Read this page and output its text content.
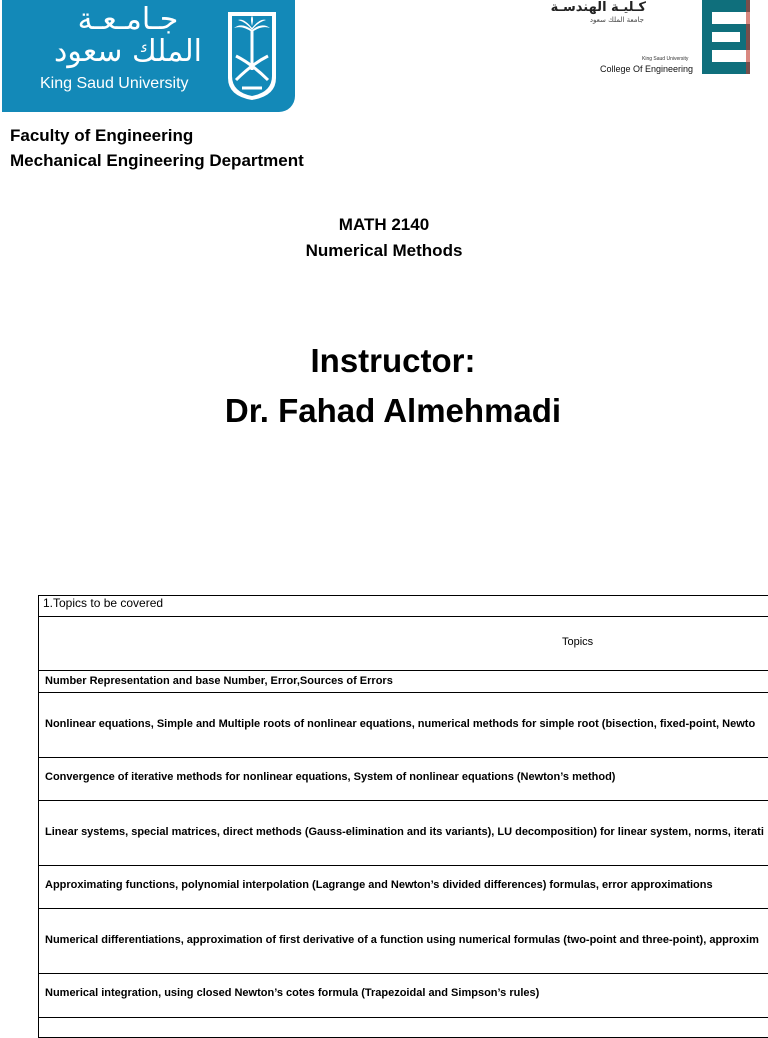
جـامـعـة
الملك سعود
King Saud University
كـليـة الهندسـة
جامعة الملك سعود
King Saud University
College Of Engineering
Faculty of Engineering
Mechanical Engineering Department
MATH 2140
Numerical Methods
Instructor:
Dr. Fahad Almehmadi
1.Topics to be covered
Topics
Number Representation and base Number, Error,Sources of Errors
Nonlinear equations, Simple and Multiple roots of nonlinear equations, numerical methods for simple root (bisection, fixed-point, Newto
Convergence of iterative methods for nonlinear equations, System of nonlinear equations (Newton’s method)
Linear systems, special matrices, direct methods (Gauss-elimination and its variants), LU decomposition) for linear system, norms, iterati
Approximating functions, polynomial interpolation (Lagrange and Newton’s divided differences) formulas, error approximations
Numerical differentiations, approximation of first derivative of a function using numerical formulas (two-point and three-point), approxim
Numerical integration, using closed Newton’s cotes formula (Trapezoidal and Simpson’s rules)
